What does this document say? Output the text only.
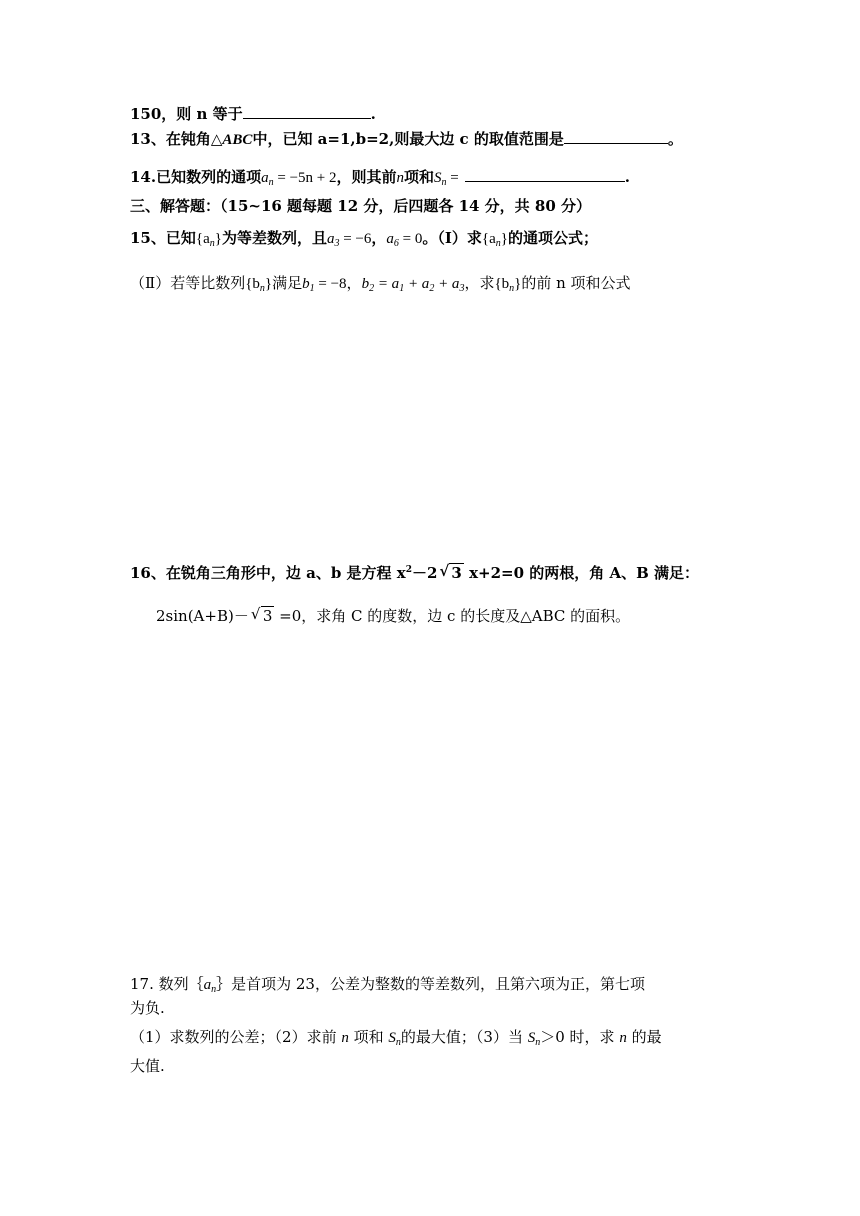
150，则 n 等于	.
13、在钝角△ABC中，已知 a=1,b=2,则最大边 c 的取值范围是	。
14.已知数列的通项$a_n = -5n + 2$，则其前n项和$S_n$ =	.
三、解答题：（15~16 题每题 12 分，后四题各 14 分，共 80 分）
15、已知$\{a_n\}$为等差数列，且$a_3 = -6$，$a_6 = 0$。（Ⅰ）求$\{a_n\}$的通项公式；
（Ⅱ）若等比数列$\{b_n\}$满足$b_1 = -8$，$b_2 = a_1 + a_2 + a_3$，求$\{b_n\}$的前 n 项和公式
16、在锐角三角形中，边 a、b 是方程 $x^2-2$ √ 3 x+2=0 的两根，角 A、B 满足：
2sin(A+B)－ √ 3 =0，求角 C 的度数，边 c 的长度及△ABC 的面积。
17. 数列$\{a_n\}$是首项为 23，公差为整数的等差数列，且第六项为正，第七项
为负.
（1）求数列的公差；（2）求前 n 项和 $S_n$的最大值；（3）当 $S_n>0$ 时，求 n 的最
大值.
